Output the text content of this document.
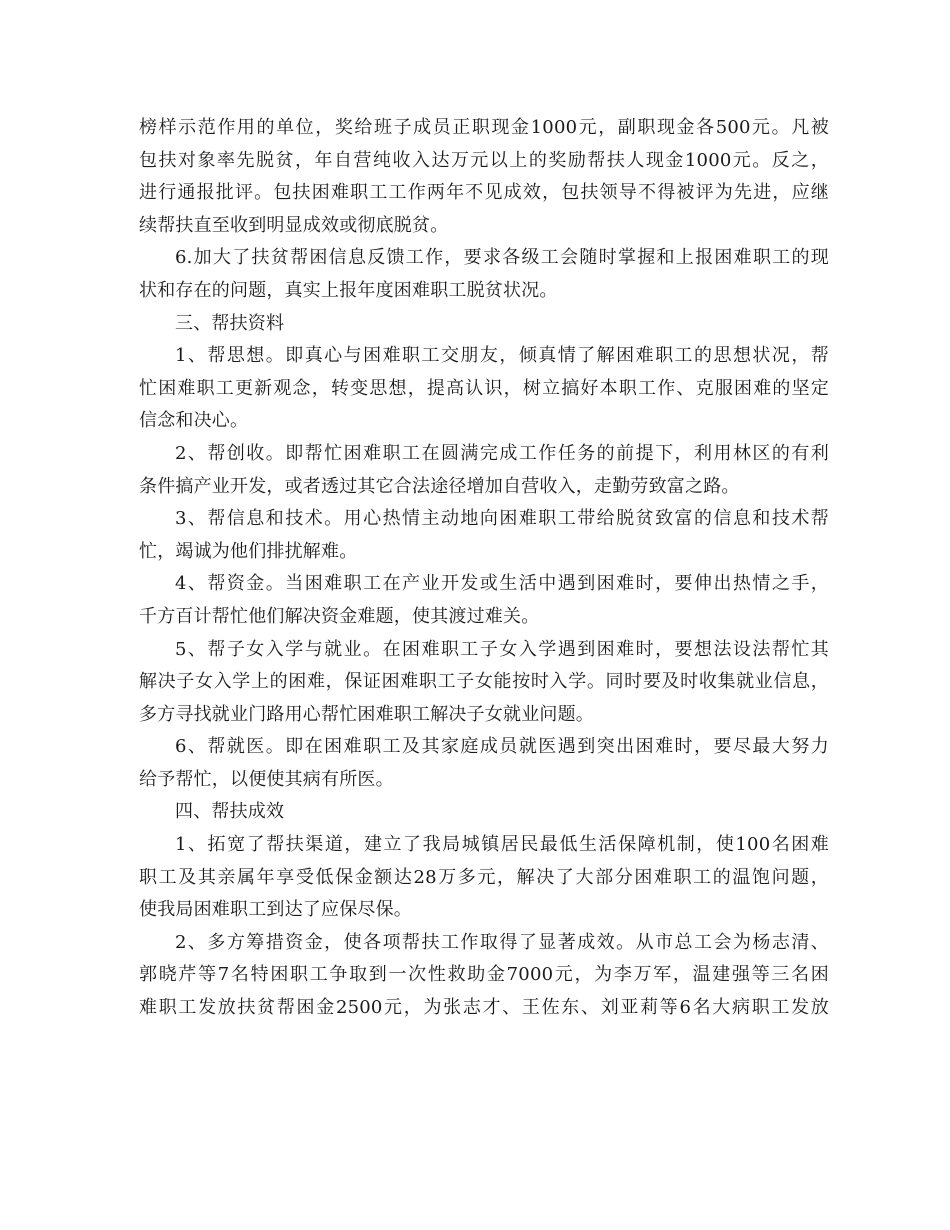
榜样示范作用的单位，奖给班子成员正职现金1000元，副职现金各500元。凡被
包扶对象率先脱贫，年自营纯收入达万元以上的奖励帮扶人现金1000元。反之，
进行通报批评。包扶困难职工工作两年不见成效，包扶领导不得被评为先进，应继
续帮扶直至收到明显成效或彻底脱贫。
6.加大了扶贫帮困信息反馈工作，要求各级工会随时掌握和上报困难职工的现
状和存在的问题，真实上报年度困难职工脱贫状况。
三、帮扶资料
1、帮思想。即真心与困难职工交朋友，倾真情了解困难职工的思想状况，帮
忙困难职工更新观念，转变思想，提高认识，树立搞好本职工作、克服困难的坚定
信念和决心。
2、帮创收。即帮忙困难职工在圆满完成工作任务的前提下，利用林区的有利
条件搞产业开发，或者透过其它合法途径增加自营收入，走勤劳致富之路。
3、帮信息和技术。用心热情主动地向困难职工带给脱贫致富的信息和技术帮
忙，竭诚为他们排扰解难。
4、帮资金。当困难职工在产业开发或生活中遇到困难时，要伸出热情之手，
千方百计帮忙他们解决资金难题，使其渡过难关。
5、帮子女入学与就业。在困难职工子女入学遇到困难时，要想法设法帮忙其
解决子女入学上的困难，保证困难职工子女能按时入学。同时要及时收集就业信息，
多方寻找就业门路用心帮忙困难职工解决子女就业问题。
6、帮就医。即在困难职工及其家庭成员就医遇到突出困难时，要尽最大努力
给予帮忙，以便使其病有所医。
四、帮扶成效
1、拓宽了帮扶渠道，建立了我局城镇居民最低生活保障机制，使100名困难
职工及其亲属年享受低保金额达28万多元，解决了大部分困难职工的温饱问题，
使我局困难职工到达了应保尽保。
2、多方筹措资金，使各项帮扶工作取得了显著成效。从市总工会为杨志清、
郭晓芹等7名特困职工争取到一次性救助金7000元，为李万军，温建强等三名困
难职工发放扶贫帮困金2500元，为张志才、王佐东、刘亚莉等6名大病职工发放
